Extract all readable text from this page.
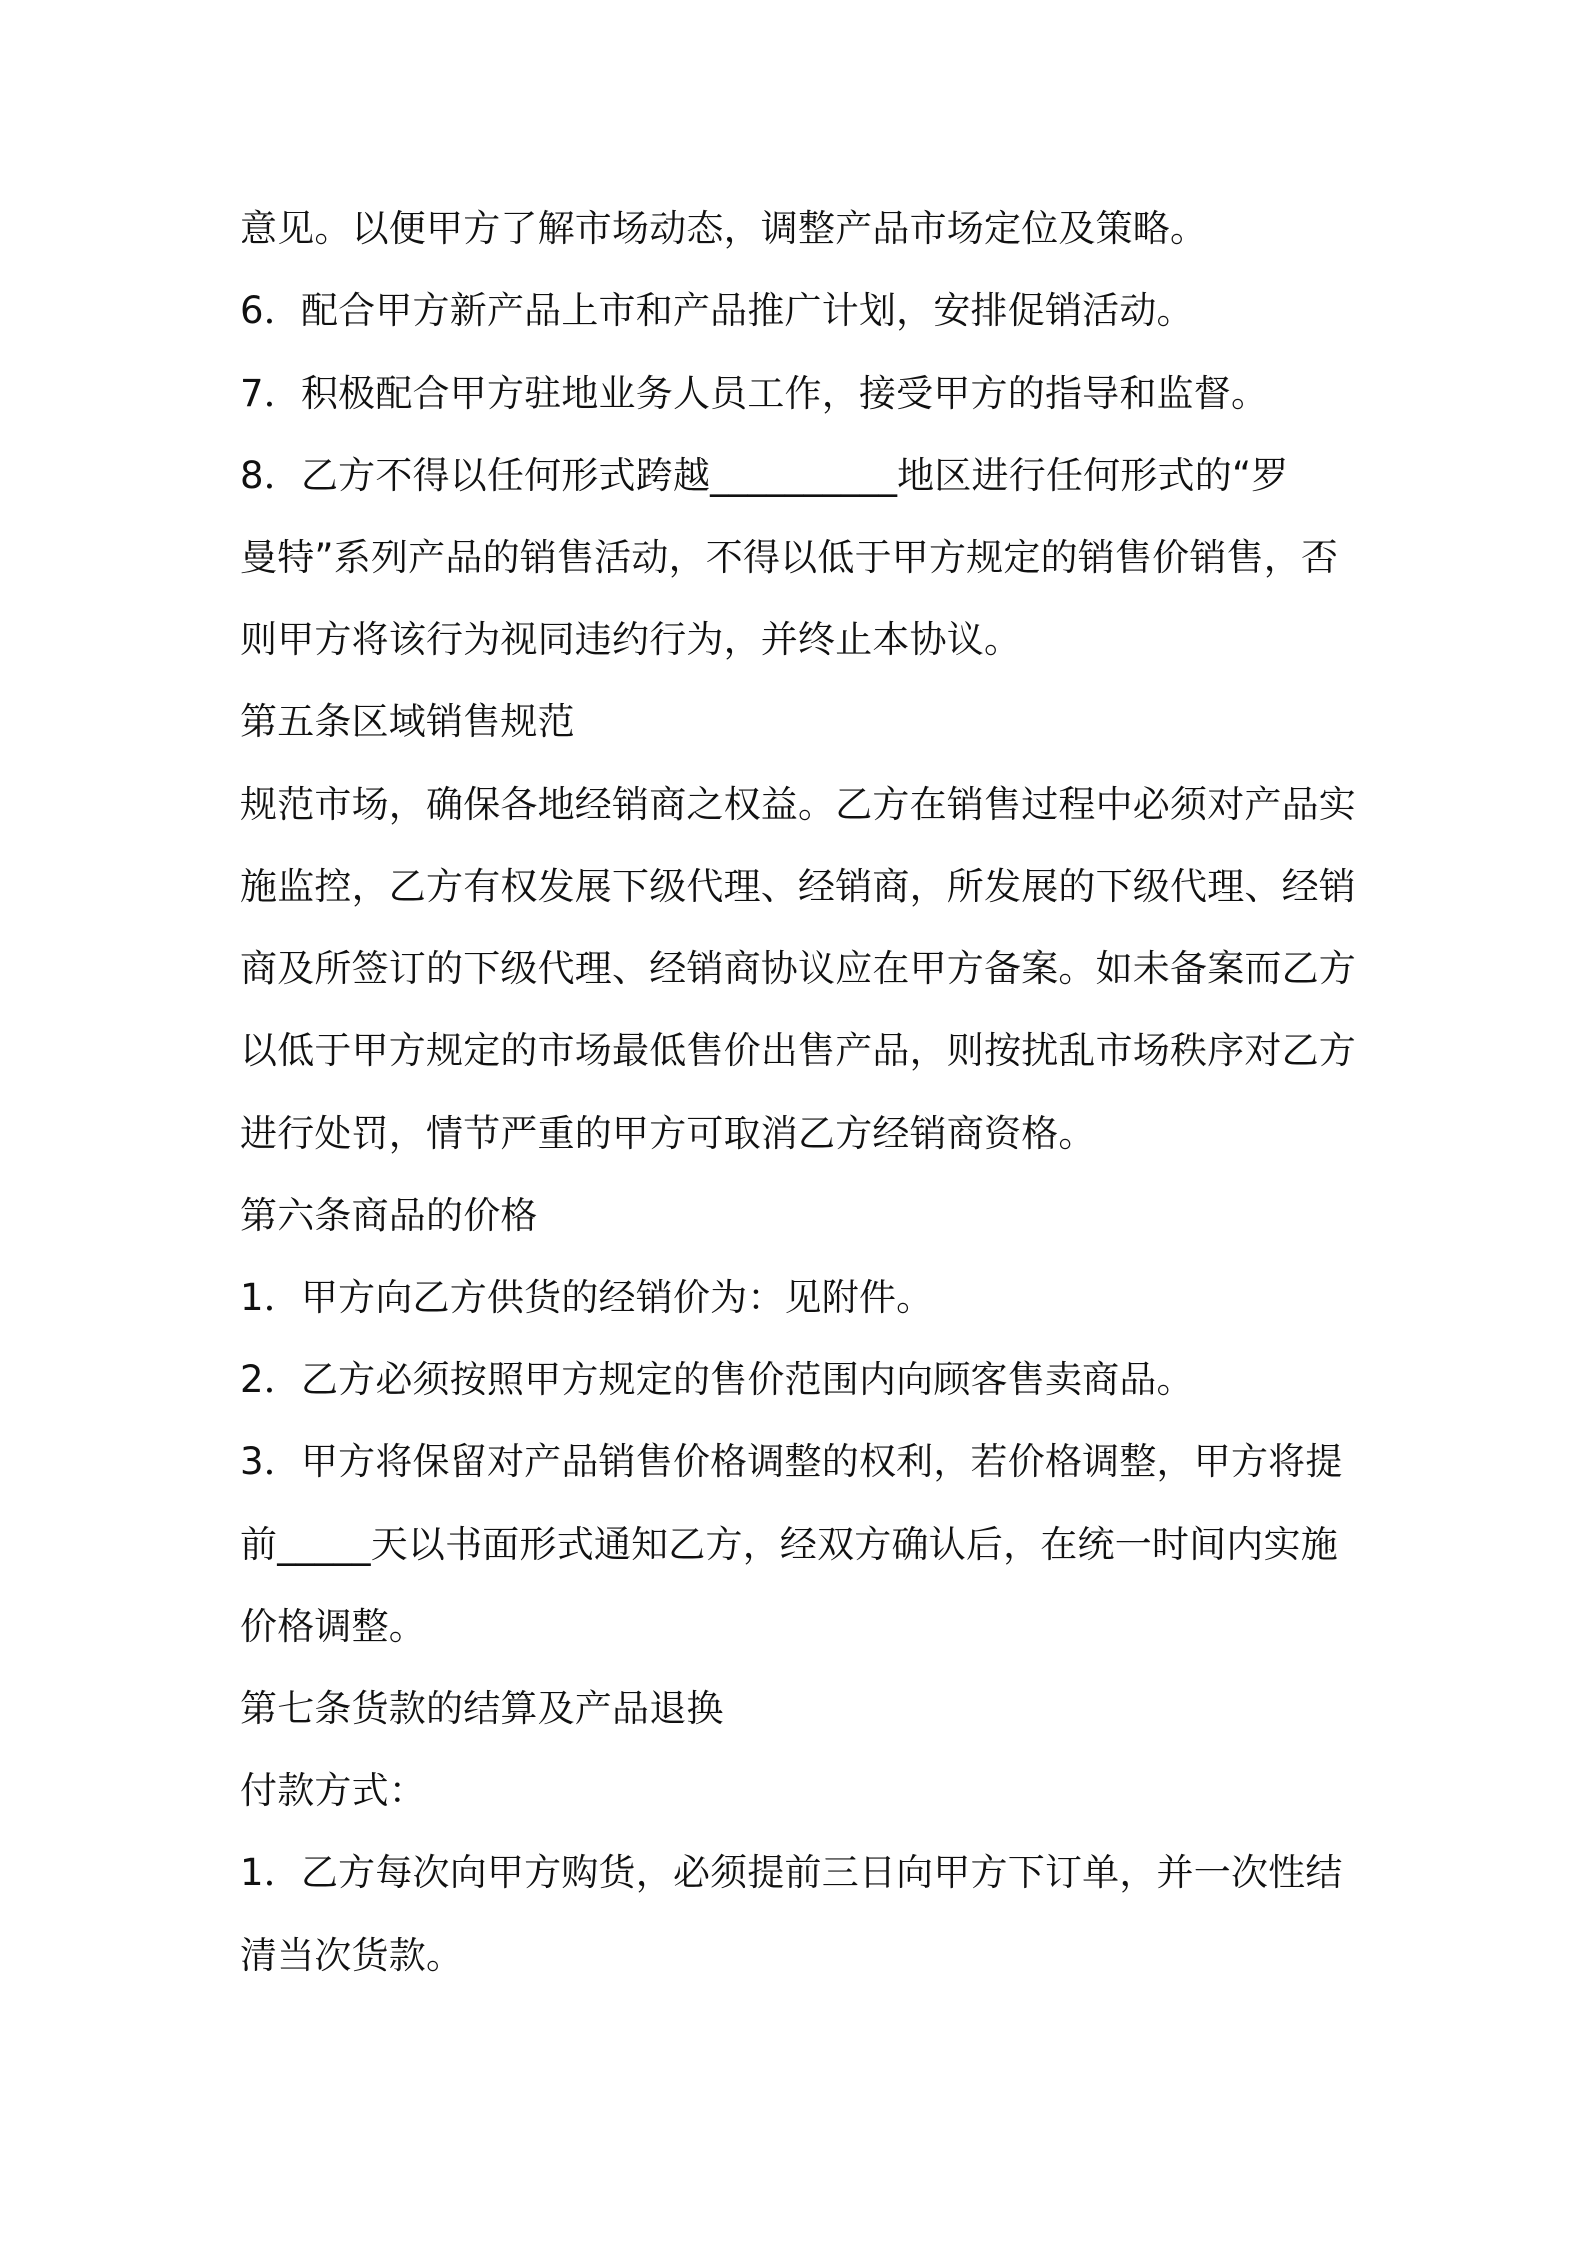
意见。以便甲方了解市场动态，调整产品市场定位及策略。
6．配合甲方新产品上市和产品推广计划，安排促销活动。
7．积极配合甲方驻地业务人员工作，接受甲方的指导和监督。
8．乙方不得以任何形式跨越__________地区进行任何形式的“罗
曼特”系列产品的销售活动，不得以低于甲方规定的销售价销售，否
则甲方将该行为视同违约行为，并终止本协议。
第五条区域销售规范
规范市场，确保各地经销商之权益。乙方在销售过程中必须对产品实
施监控，乙方有权发展下级代理、经销商，所发展的下级代理、经销
商及所签订的下级代理、经销商协议应在甲方备案。如未备案而乙方
以低于甲方规定的市场最低售价出售产品，则按扰乱市场秩序对乙方
进行处罚，情节严重的甲方可取消乙方经销商资格。
第六条商品的价格
1．甲方向乙方供货的经销价为：见附件。
2．乙方必须按照甲方规定的售价范围内向顾客售卖商品。
3．甲方将保留对产品销售价格调整的权利，若价格调整，甲方将提
前_____天以书面形式通知乙方，经双方确认后，在统一时间内实施
价格调整。
第七条货款的结算及产品退换
付款方式：
1．乙方每次向甲方购货，必须提前三日向甲方下订单，并一次性结
清当次货款。
